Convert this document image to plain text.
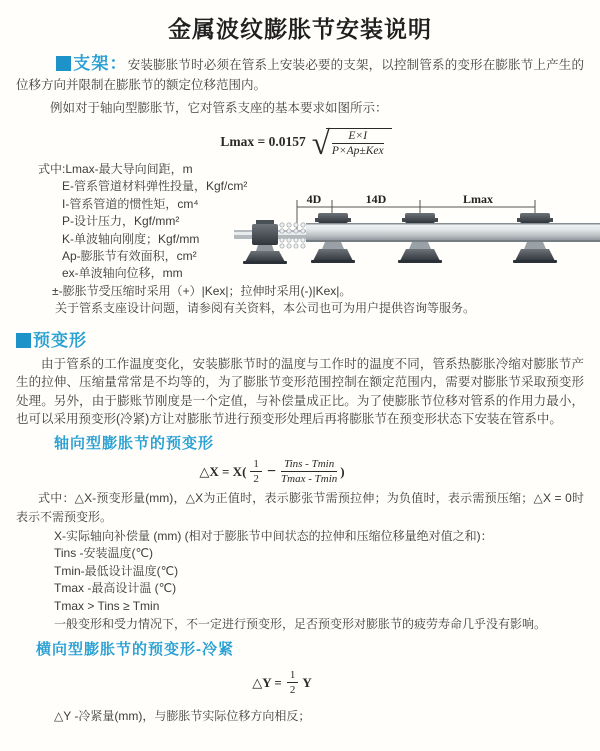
金属波纹膨胀节安装说明

支架：安装膨胀节时必须在管系上安装必要的支架，以控制管系的变形在膨胀节上产生的位移方向并限制在膨胀节的额定位移范围内。

例如对于轴向型膨胀节，它对管系支座的基本要求如图所示：

Lmax = 0.0157 √ $\frac{E\times I}{\text{P×Ap±Kex}}$
式中:Lmax-最大导向间距，m
E-管系管道材料弹性投量，Kgf/cm²
I-管系管道的惯性矩，cm⁴
P-设计压力，Kgf/mm²
K-单波轴向刚度；Kgf/mm
Ap-膨胀节有效面积，cm²
ex-单波轴向位移，mm
±-膨胀节受压缩时采用（+）|Kex|；拉伸时采用(-)|Kex|。
关于管系支座设计问题，请参阅有关资料，本公司也可为用户提供咨询等服务。
4D	14D	Lmax
预变形

由于管系的工作温度变化，安装膨胀节时的温度与工作时的温度不同，管系热膨胀冷缩对膨胀节产生的拉伸、压缩量常常是不均等的，为了膨胀节变形范围控制在额定范围内，需要对膨胀节采取预变形处理。另外，由于膨账节刚度是一个定值，与补偿量成正比。为了使膨胀节位移对管系的作用力最小，也可以采用预变形(冷紧)方让对膨胀节进行预变形处理后再将膨胀节在预变形状态下安装在管系中。

轴向型膨胀节的预变形
△X = $X( \frac{1}{2} - \frac{\text{Tins - Tmin}}{Tmax - Tmin}$ )

式中：△X-预变形量(mm)，△X为正值时，表示膨张节需预拉伸；为负值时，表示需预压缩；△X = 0时表示不需预变形。

X-实际轴向补偿量 (mm) (相对于膨胀节中间状态的拉伸和压缩位移量绝对值之和)：
Tins -安装温度(℃)
Tmin-最低设计温度(℃)
Tmax -最高设计温 (℃)
Tmax > Tins ≥ Tmin

一般变形和受力情况下，不一定进行预变形，足否预变形对膨胀节的疲劳寿命几乎没有影响。

横向型膨胀节的预变形-冷紧
△Y = $\frac{1}{2}$ Y

△Y -冷紧量(mm)，与膨胀节实际位移方向相反；
